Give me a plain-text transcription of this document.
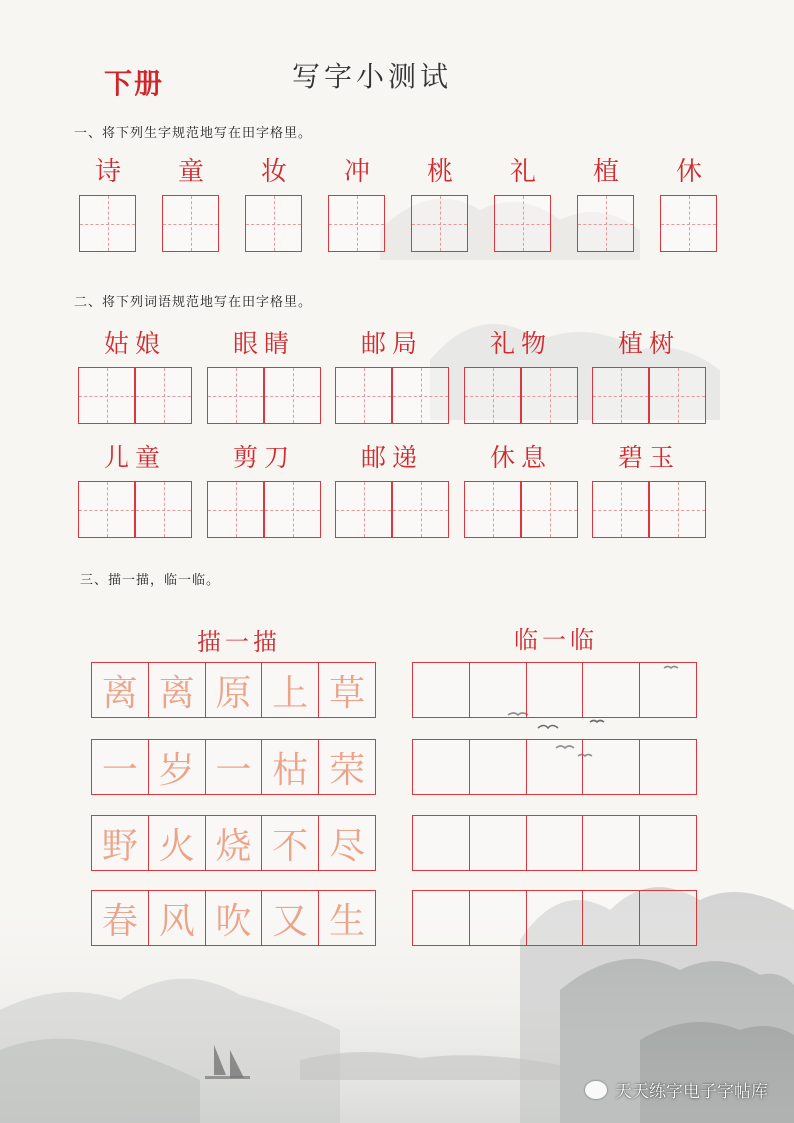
下册	写字小测试
一、将下列生字规范地写在田字格里。
诗	童	妆	冲	桃	礼	植	休
二、将下列词语规范地写在田字格里。
姑娘	眼睛	邮局	礼物	植树
儿童	剪刀	邮递	休息	碧玉
三、描一描，临一临。
描一描	临一临
离 离 原 上 草
一 岁 一 枯 荣
野 火 烧 不 尽
春 风 吹 又 生
天天练字电子字帖库
